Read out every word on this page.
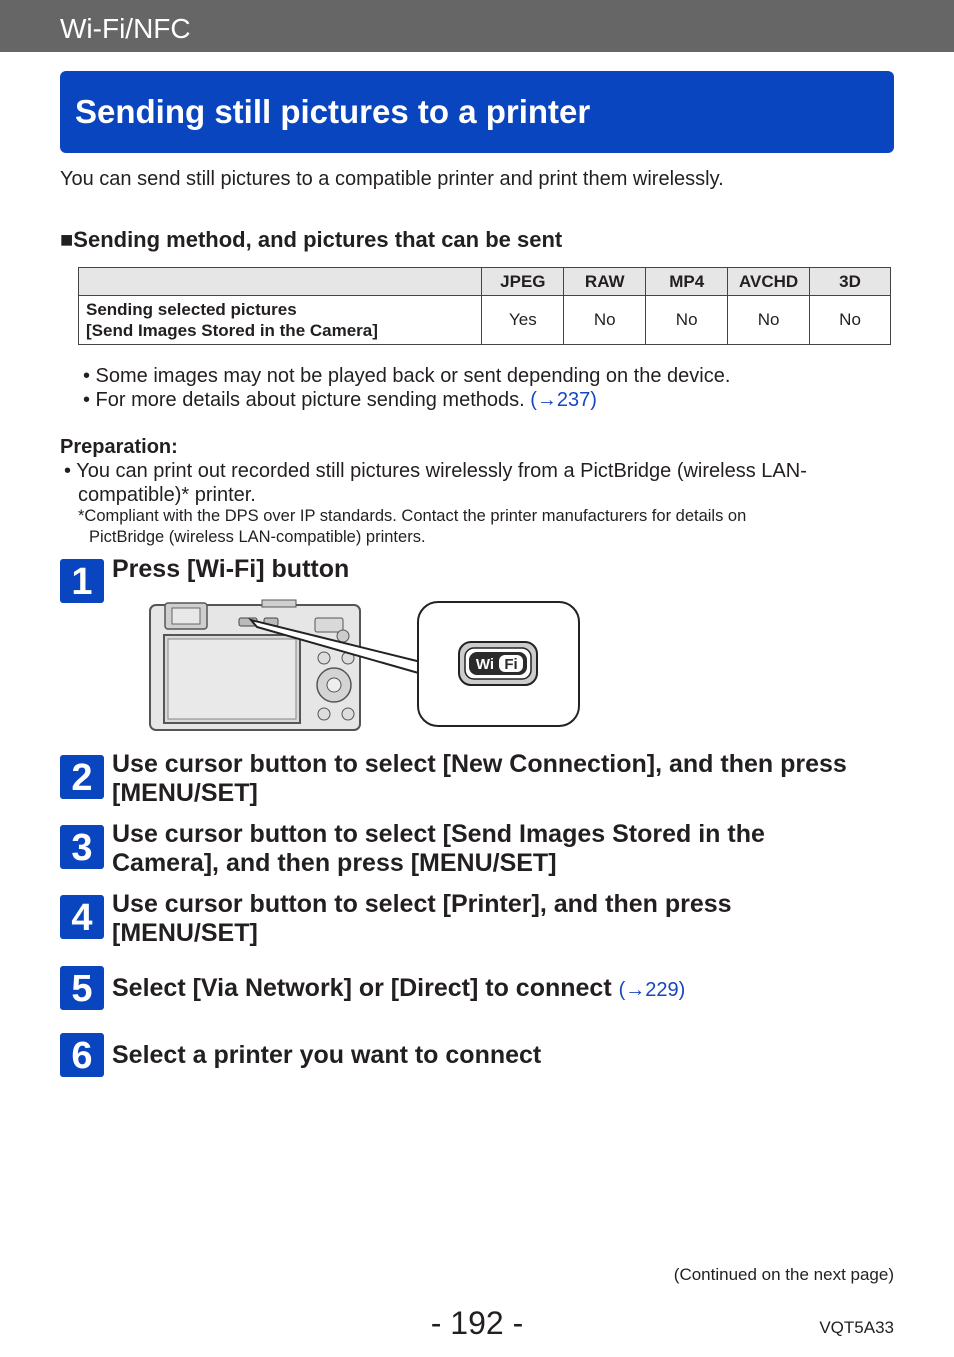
Wi-Fi/NFC
Sending still pictures to a printer
You can send still pictures to a compatible printer and print them wirelessly.
■Sending method, and pictures that can be sent
	JPEG	RAW	MP4	AVCHD	3D
Sending selected pictures
[Send Images Stored in the Camera]	Yes	No	No	No	No
• Some images may not be played back or sent depending on the device.
• For more details about picture sending methods. (→237)
Preparation:
• You can print out recorded still pictures wirelessly from a PictBridge (wireless LAN-
compatible)* printer.
*Compliant with the DPS over IP standards. Contact the printer manufacturers for details on
PictBridge (wireless LAN-compatible) printers.
1 Press [Wi-Fi] button
Wi Fi
2 Use cursor button to select [New Connection], and then press
[MENU/SET]
3 Use cursor button to select [Send Images Stored in the
Camera], and then press [MENU/SET]
4 Use cursor button to select [Printer], and then press
[MENU/SET]
5 Select [Via Network] or [Direct] to connect (→229)
6 Select a printer you want to connect
(Continued on the next page)
- 192 -	VQT5A33
